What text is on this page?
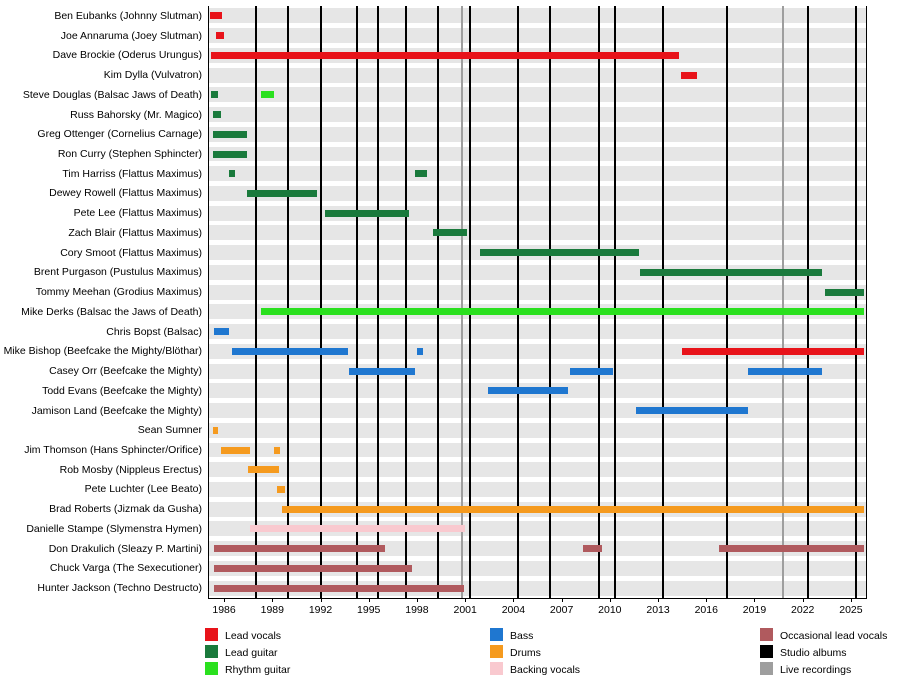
Ben Eubanks (Johnny Slutman)
Joe Annaruma (Joey Slutman)
Dave Brockie (Oderus Urungus)
Kim Dylla (Vulvatron)
Steve Douglas (Balsac Jaws of Death)
Russ Bahorsky (Mr. Magico)
Greg Ottenger (Cornelius Carnage)
Ron Curry (Stephen Sphincter)
Tim Harriss (Flattus Maximus)
Dewey Rowell (Flattus Maximus)
Pete Lee (Flattus Maximus)
Zach Blair (Flattus Maximus)
Cory Smoot (Flattus Maximus)
Brent Purgason (Pustulus Maximus)
Tommy Meehan (Grodius Maximus)
Mike Derks (Balsac the Jaws of Death)
Chris Bopst (Balsac)
Mike Bishop (Beefcake the Mighty/Blöthar)
Casey Orr (Beefcake the Mighty)
Todd Evans (Beefcake the Mighty)
Jamison Land (Beefcake the Mighty)
Sean Sumner
Jim Thomson (Hans Sphincter/Orifice)
Rob Mosby (Nippleus Erectus)
Pete Luchter (Lee Beato)
Brad Roberts (Jizmak da Gusha)
Danielle Stampe (Slymenstra Hymen)
Don Drakulich (Sleazy P. Martini)
Chuck Varga (The Sexecutioner)
Hunter Jackson (Techno Destructo)
1986 1989 1992 1995 1998 2001 2004 2007 2010 2013 2016 2019 2022 2025
Lead vocals
Lead guitar
Rhythm guitar
Bass
Drums
Backing vocals
Occasional lead vocals
Studio albums
Live recordings
